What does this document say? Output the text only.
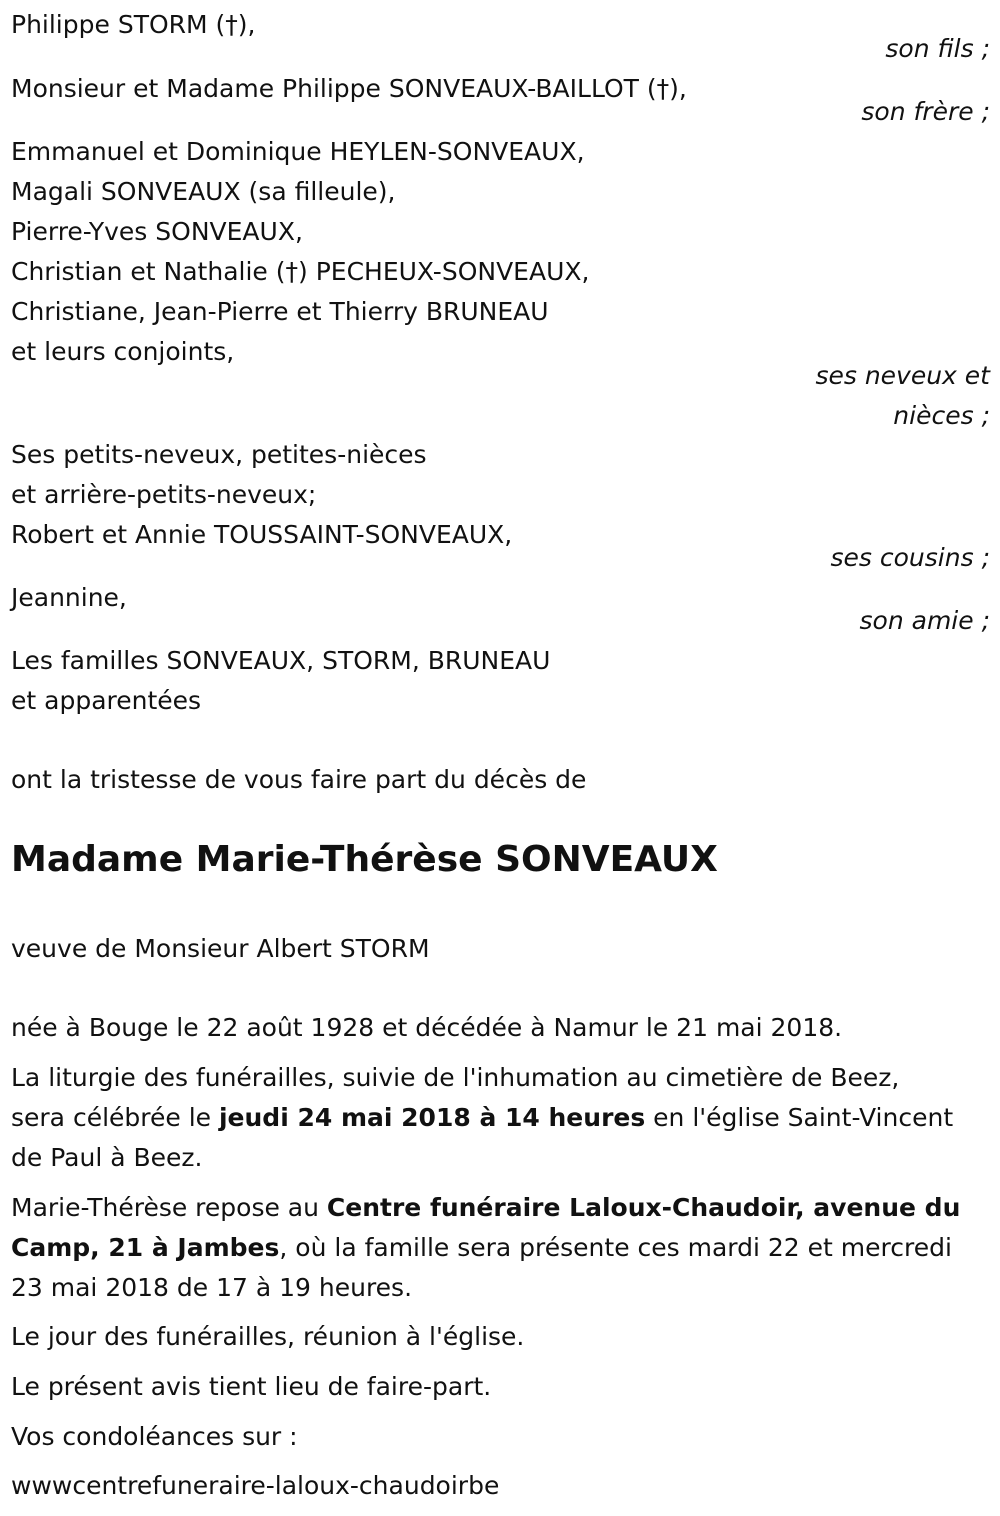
Philippe STORM (†),
son fils ;
Monsieur et Madame Philippe SONVEAUX-BAILLOT (†),
son frère ;
Emmanuel et Dominique HEYLEN-SONVEAUX,
Magali SONVEAUX (sa filleule),
Pierre-Yves SONVEAUX,
Christian et Nathalie (†) PECHEUX-SONVEAUX,
Christiane, Jean-Pierre et Thierry BRUNEAU
et leurs conjoints,
ses neveux et
nièces ;
Ses petits-neveux, petites-nièces
et arrière-petits-neveux;
Robert et Annie TOUSSAINT-SONVEAUX,
ses cousins ;
Jeannine,
son amie ;
Les familles SONVEAUX, STORM, BRUNEAU
et apparentées
ont la tristesse de vous faire part du décès de
Madame Marie-Thérèse SONVEAUX
veuve de Monsieur Albert STORM
née à Bouge le 22 août 1928 et décédée à Namur le 21 mai 2018.
La liturgie des funérailles, suivie de l'inhumation au cimetière de Beez,
sera célébrée le jeudi 24 mai 2018 à 14 heures en l'église Saint-Vincent
de Paul à Beez.
Marie-Thérèse repose au Centre funéraire Laloux-Chaudoir, avenue du
Camp, 21 à Jambes, où la famille sera présente ces mardi 22 et mercredi
23 mai 2018 de 17 à 19 heures.
Le jour des funérailles, réunion à l'église.
Le présent avis tient lieu de faire-part.
Vos condoléances sur :
wwwcentrefuneraire-laloux-chaudoirbe
